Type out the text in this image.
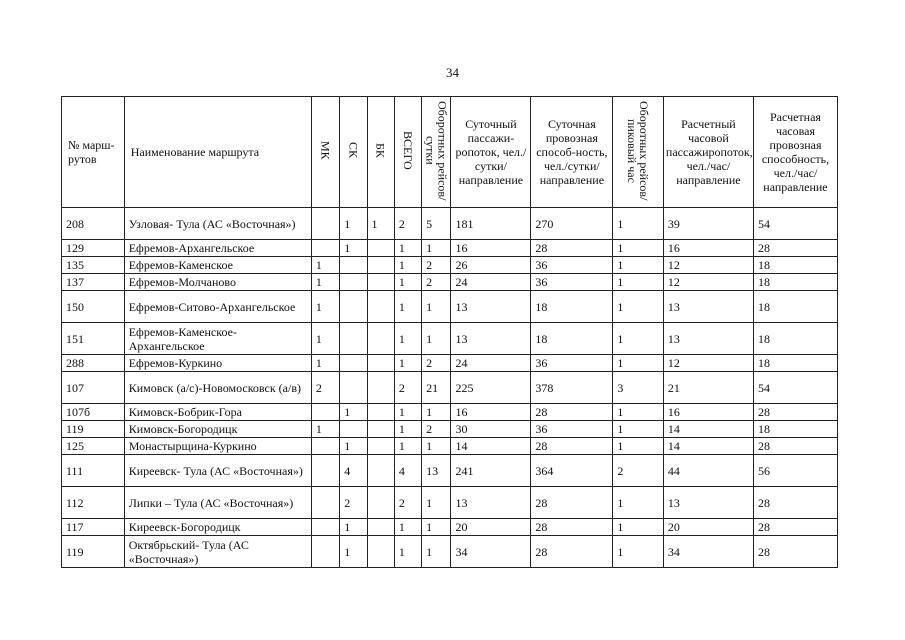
34
№ марш-рутов	Наименование маршрута	МК	СК	БК	ВСЕГО	Оборотных рейсов/сутки	Суточный пассажи-ропоток, чел./сутки/ направление	Суточная провозная способ-ность, чел./сутки/ направление	Оборотных рейсов/ пиковый час	Расчетный часовой пассажиропоток, чел./час/ направление	Расчетная часовая провозная способность, чел./час/ направление
208	Узловая- Тула (АС «Восточная»)		1	1	2	5	181	270	1	39	54
129	Ефремов-Архангельское		1		1	1	16	28	1	16	28
135	Ефремов-Каменское	1			1	2	26	36	1	12	18
137	Ефремов-Молчаново	1			1	2	24	36	1	12	18
150	Ефремов-Ситово-Архангельское	1			1	1	13	18	1	13	18
151	Ефремов-Каменское-Архангельское	1			1	1	13	18	1	13	18
288	Ефремов-Куркино	1			1	2	24	36	1	12	18
107	Кимовск (а/с)-Новомосковск (а/в)	2			2	21	225	378	3	21	54
107б	Кимовск-Бобрик-Гора		1		1	1	16	28	1	16	28
119	Кимовск-Богородицк	1			1	2	30	36	1	14	18
125	Монастырщина-Куркино		1		1	1	14	28	1	14	28
111	Киреевск- Тула (АС «Восточная»)		4		4	13	241	364	2	44	56
112	Липки – Тула (АС «Восточная»)		2		2	1	13	28	1	13	28
117	Киреевск-Богородицк		1		1	1	20	28	1	20	28
119	Октябрьский- Тула (АС «Восточная»)		1		1	1	34	28	1	34	28
